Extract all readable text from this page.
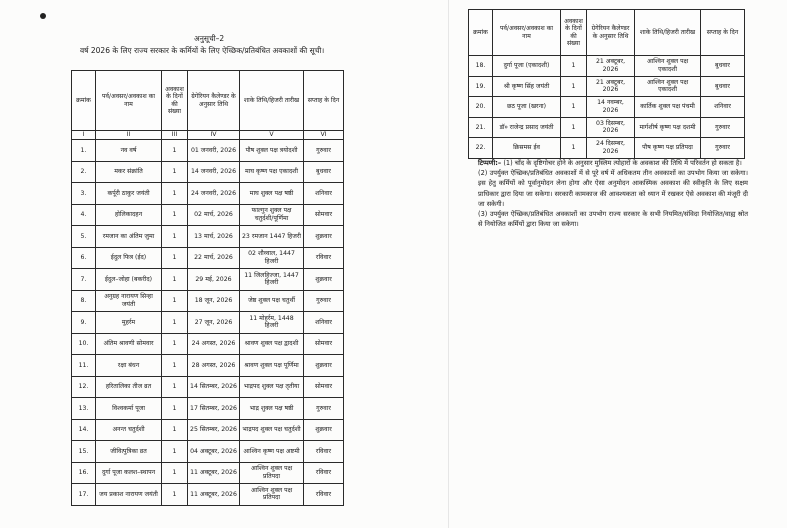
अनुसूची–2
वर्ष 2026 के लिए राज्य सरकार के कर्मियों के लिए ऐच्छिक/प्रतिबंधित अवकाशों की सूची।
क्रमांक	पर्व/अवसर/अवकाश का नाम	अवकाश के दिनों की संख्या	ग्रेगेरियन कैलेण्डर के अनुसार तिथि	शाके तिथि/हिजरी तारीख	सप्ताह के दिन
I	II	III	IV	V	VI
1.	नव वर्ष	1	01 जनवरी, 2026	पौष शुक्ल पक्ष त्रयोदशी	गुरुवार
2.	मकर संक्रांति	1	14 जनवरी, 2026	माघ कृष्ण पक्ष एकादशी	बुधवार
3.	कर्पूरी ठाकुर जयंती	1	24 जनवरी, 2026	माघ शुक्ल पक्ष षष्ठी	शनिवार
4.	होलिकादहन	1	02 मार्च, 2026	फाल्गुन शुक्ल पक्ष चतुर्दशी/पूर्णिमा	सोमवार
5.	रमजान का अंतिम जुमा	1	13 मार्च, 2026	23 रमजान 1447 हिजरी	शुक्रवार
6.	ईदुल फित्र (ईद)	1	22 मार्च, 2026	02 शौव्वाल, 1447 हिजरी	रविवार
7.	ईदुल–जोहा (बकरीद)	1	29 मई, 2026	11 जिलहिज्जा, 1447 हिजरी	शुक्रवार
8.	अनुग्रह नारायण सिन्हा जयंती	1	18 जून, 2026	जेष्ठ शुक्ल पक्ष चतुर्थी	गुरुवार
9.	मुहर्रम	1	27 जून, 2026	11 मोहर्रम, 1448 हिजरी	शनिवार
10.	अंतिम श्रावणी सोमवार	1	24 अगस्त, 2026	श्रावण शुक्ल पक्ष द्वादशी	सोमवार
11.	रक्षा बंधन	1	28 अगस्त, 2026	श्रावण शुक्ल पक्ष पूर्णिमा	शुक्रवार
12.	हरितालिका तीज व्रत	1	14 सितम्बर, 2026	भाद्रपद शुक्ल पक्ष तृतीया	सोमवार
13.	विश्वकर्मा पूजा	1	17 सितम्बर, 2026	भाद्र शुक्ल पक्ष षष्ठी	गुरुवार
14.	अनन्त चतुर्दशी	1	25 सितम्बर, 2026	भाद्रपद शुक्ल पक्ष चतुर्दशी	शुक्रवार
15.	जीवित्पुत्रिका व्रत	1	04 अक्टूबर, 2026	आश्विन कृष्ण पक्ष अष्टमी	रविवार
16.	दुर्गा पूजा कलश–स्थापन	1	11 अक्टूबर, 2026	आश्विन शुक्ल पक्ष प्रतिपदा	रविवार
17.	जय प्रकाश नारायण जयंती	1	11 अक्टूबर, 2026	आश्विन शुक्ल पक्ष प्रतिपदा	रविवार
क्रमांक	पर्व/अवसर/अवकाश का नाम	अवकाश के दिनों की संख्या	ग्रेगेरियन कैलेण्डर के अनुसार तिथि	शाके तिथि/हिजरी तारीख	सप्ताह के दिन
18.	दुर्गा पूजा (एकादशी)	1	21 अक्टूबर, 2026	आश्विन शुक्ल पक्ष एकादशी	बुधवार
19.	श्री कृष्ण सिंह जयंती	1	21 अक्टूबर, 2026	आश्विन शुक्ल पक्ष एकादशी	बुधवार
20.	छठ पूजा (खरना)	1	14 नवम्बर, 2026	कार्तिक शुक्ल पक्ष पंचमी	शनिवार
21.	डॉ० राजेन्द्र प्रसाद जयंती	1	03 दिसम्बर, 2026	मार्गशीर्ष कृष्ण पक्ष दशमी	गुरुवार
22.	क्रिसमस ईव	1	24 दिसम्बर, 2026	पौष कृष्ण पक्ष प्रतिपदा	गुरुवार

टिप्पणी:– (1) चाँद के दृष्टिगोचर होने के अनुसार मुस्लिम त्योहारों के अवकाश की तिथि में परिवर्तन हो सकता है।

(2) उपर्युक्त ऐच्छिक/प्रतिबंधित अवकाशों में से पूरे वर्ष में अधिकतम तीन अवकाशों का उपभोग किया जा सकेगा। इस हेतु कर्मियों को पूर्वानुमोदन लेना होगा और ऐसा अनुमोदन आकस्मिक अवकाश की स्वीकृति के लिए सक्षम प्राधिकार द्वारा दिया जा सकेगा। सरकारी कामकाज की आवश्यकता को ध्यान में रखकर ऐसे अवकाश की मंजूरी दी जा सकेगी।

(3) उपर्युक्त ऐच्छिक/प्रतिबंधित अवकाशों का उपभोग राज्य सरकार के सभी नियमित/संविदा नियोजित/वाह्य स्रोत से नियोजित कर्मियों द्वारा किया जा सकेगा।
